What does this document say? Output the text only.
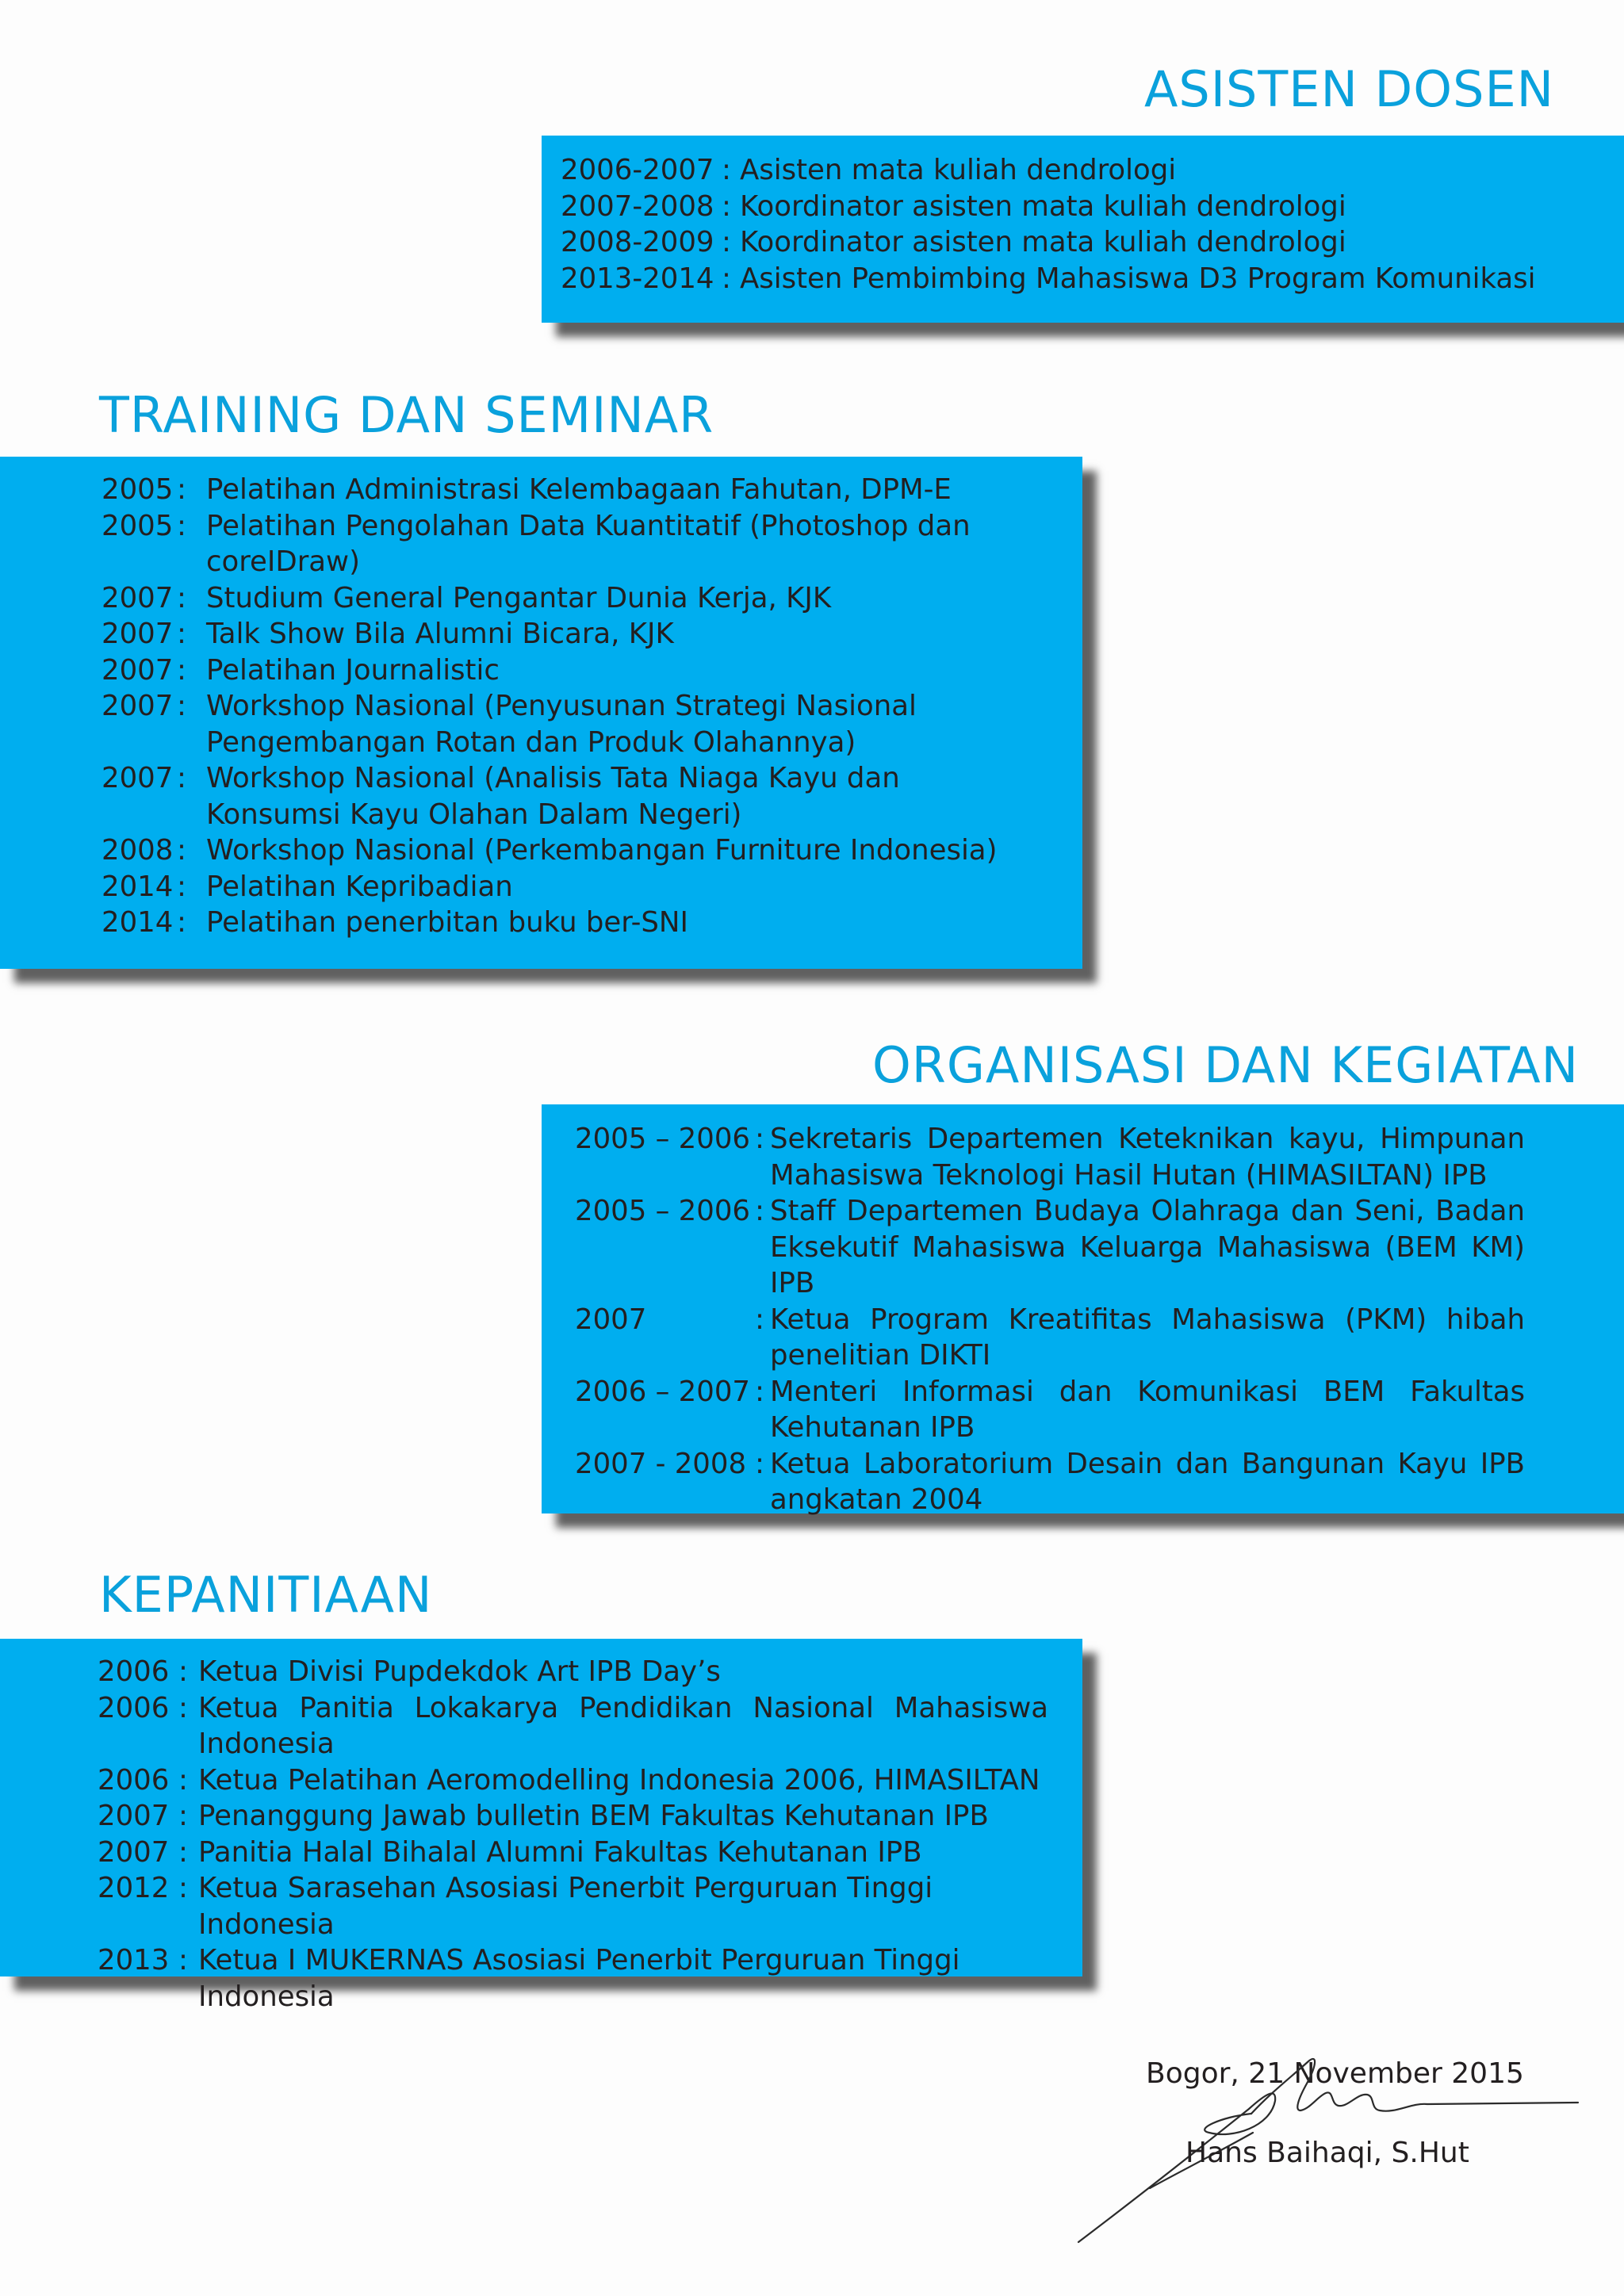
ASISTEN DOSEN
2006-2007 : Asisten mata kuliah dendrologi
2007-2008 : Koordinator asisten mata kuliah dendrologi
2008-2009 : Koordinator asisten mata kuliah dendrologi
2013-2014 : Asisten Pembimbing Mahasiswa D3 Program Komunikasi
TRAINING DAN SEMINAR
2005 : Pelatihan Administrasi Kelembagaan Fahutan, DPM-E
2005 : Pelatihan Pengolahan Data Kuantitatif (Photoshop dan coreIDraw)
2007 : Studium General Pengantar Dunia Kerja, KJK
2007 : Talk Show Bila Alumni Bicara, KJK
2007 : Pelatihan Journalistic
2007 : Workshop Nasional (Penyusunan Strategi Nasional Pengembangan Rotan dan Produk Olahannya)
2007 : Workshop Nasional (Analisis Tata Niaga Kayu dan Konsumsi Kayu Olahan Dalam Negeri)
2008 : Workshop Nasional (Perkembangan Furniture Indonesia)
2014 : Pelatihan Kepribadian
2014 : Pelatihan penerbitan buku ber-SNI
ORGANISASI DAN KEGIATAN
2005 – 2006 : Sekretaris Departemen Keteknikan kayu, Himpunan Mahasiswa Teknologi Hasil Hutan (HIMASILTAN) IPB
2005 – 2006 : Staff Departemen Budaya Olahraga dan Seni, Badan Eksekutif Mahasiswa Keluarga Mahasiswa (BEM KM) IPB
2007	: Ketua Program Kreatifitas Mahasiswa (PKM) hibah penelitian DIKTI
2006 – 2007 : Menteri Informasi dan Komunikasi BEM Fakultas Kehutanan IPB
2007 - 2008 : Ketua Laboratorium Desain dan Bangunan Kayu IPB angkatan 2004
KEPANITIAAN
2006 : Ketua Divisi Pupdekdok Art IPB Day’s
2006 : Ketua Panitia Lokakarya Pendidikan Nasional Mahasiswa Indonesia
2006 : Ketua Pelatihan Aeromodelling Indonesia 2006, HIMASILTAN
2007 : Penanggung Jawab bulletin BEM Fakultas Kehutanan IPB
2007 : Panitia Halal Bihalal Alumni Fakultas Kehutanan IPB
2012 : Ketua Sarasehan Asosiasi Penerbit Perguruan Tinggi Indonesia
2013 : Ketua I MUKERNAS Asosiasi Penerbit Perguruan Tinggi Indonesia
Bogor, 21 November 2015
Hans Baihaqi, S.Hut
